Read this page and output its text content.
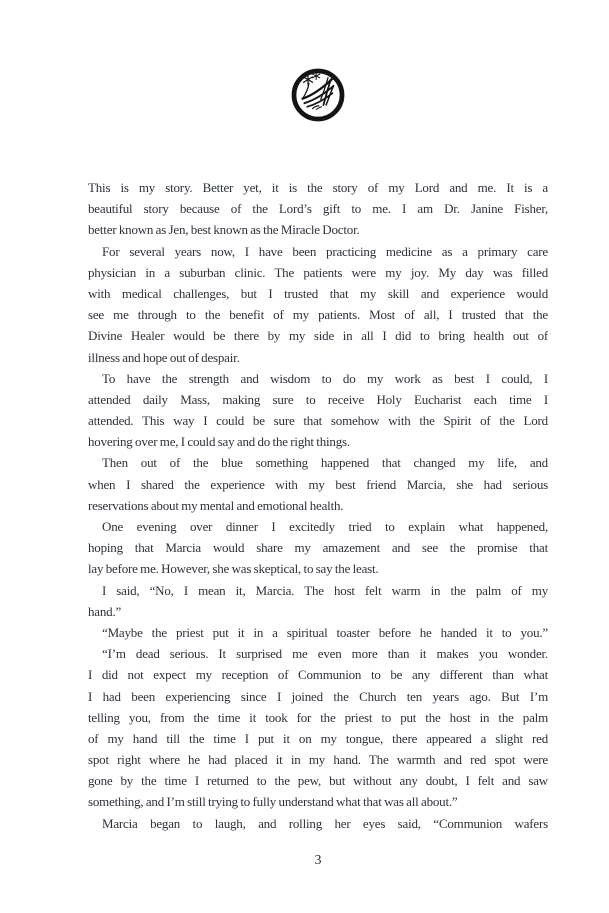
This is my story. Better yet, it is the story of my Lord and me. It is a
beautiful story because of the Lord’s gift to me. I am Dr. Janine Fisher,
better known as Jen, best known as the Miracle Doctor.
For several years now, I have been practicing medicine as a primary care
physician in a suburban clinic. The patients were my joy. My day was filled
with medical challenges, but I trusted that my skill and experience would
see me through to the benefit of my patients. Most of all, I trusted that the
Divine Healer would be there by my side in all I did to bring health out of
illness and hope out of despair.
To have the strength and wisdom to do my work as best I could, I
attended daily Mass, making sure to receive Holy Eucharist each time I
attended. This way I could be sure that somehow with the Spirit of the Lord
hovering over me, I could say and do the right things.
Then out of the blue something happened that changed my life, and
when I shared the experience with my best friend Marcia, she had serious
reservations about my mental and emotional health.
One evening over dinner I excitedly tried to explain what happened,
hoping that Marcia would share my amazement and see the promise that
lay before me. However, she was skeptical, to say the least.
I said, “No, I mean it, Marcia. The host felt warm in the palm of my
hand.”
“Maybe the priest put it in a spiritual toaster before he handed it to you.”
“I’m dead serious. It surprised me even more than it makes you wonder.
I did not expect my reception of Communion to be any different than what
I had been experiencing since I joined the Church ten years ago. But I’m
telling you, from the time it took for the priest to put the host in the palm
of my hand till the time I put it on my tongue, there appeared a slight red
spot right where he had placed it in my hand. The warmth and red spot were
gone by the time I returned to the pew, but without any doubt, I felt and saw
something, and I’m still trying to fully understand what that was all about.”
Marcia began to laugh, and rolling her eyes said, “Communion wafers
3
